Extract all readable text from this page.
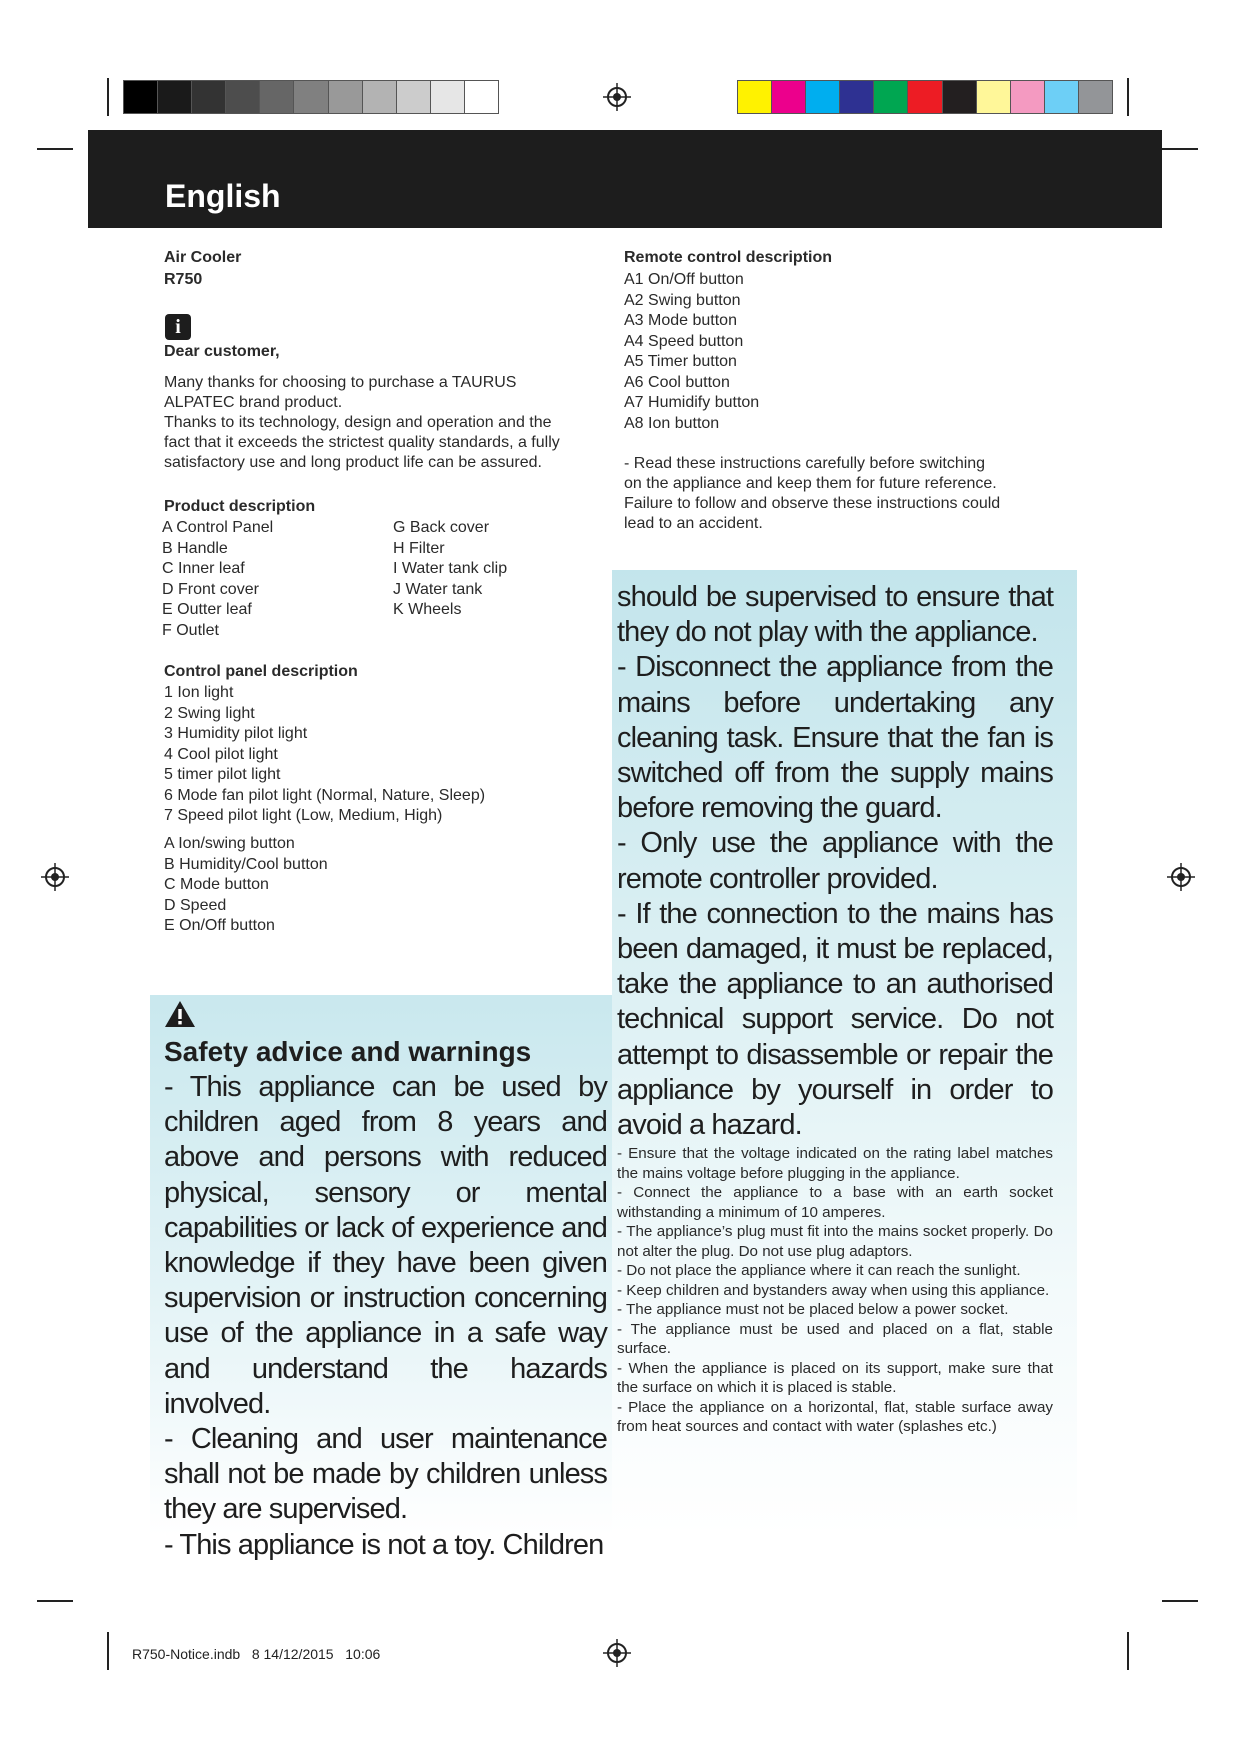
English
Air Cooler
R750
i
Dear customer,
Many thanks for choosing to purchase a TAURUS
ALPATEC brand product.
Thanks to its technology, design and operation and the
fact that it exceeds the strictest quality standards, a fully
satisfactory use and long product life can be assured.
Product description
A Control Panel
B Handle
C Inner leaf
D Front cover
E Outter leaf
F Outlet
G Back cover
H Filter
I Water tank clip
J Water tank
K Wheels
Control panel description
1 Ion light
2 Swing light
3 Humidity pilot light
4 Cool pilot light
5 timer pilot light
6 Mode fan pilot light (Normal, Nature, Sleep)
7 Speed pilot light (Low, Medium, High)
A Ion/swing button
B Humidity/Cool button
C Mode button
D Speed
E On/Off button
Remote control description
A1 On/Off button
A2 Swing button
A3 Mode button
A4 Speed button
A5 Timer button
A6 Cool button
A7 Humidify button
A8 Ion button
- Read these instructions carefully before switching
on the appliance and keep them for future reference.
Failure to follow and observe these instructions could
lead to an accident.
Safety advice and warnings

- This appliance can be used by children aged from 8 years and above and persons with reduced physical, sensory or mental capabilities or lack of experience and knowledge if they have been given supervision or instruction concerning use of the appliance in a safe way and understand the hazards involved.

- Cleaning and user maintenance shall not be made by children unless they are supervised.

- This appliance is not a toy. Children

should be supervised to ensure that they do not play with the appliance.

- Disconnect the appliance from the mains before undertaking any cleaning task. Ensure that the fan is switched off from the supply mains before removing the guard.

- Only use the appliance with the remote controller provided.

- If the connection to the mains has been damaged, it must be replaced, take the appliance to an authorised technical support service. Do not attempt to disassemble or repair the appliance by yourself in order to avoid a hazard.

- Ensure that the voltage indicated on the rating label matches the mains voltage before plugging in the appliance.

- Connect the appliance to a base with an earth socket withstanding a minimum of 10 amperes.

- The appliance’s plug must fit into the mains socket properly. Do not alter the plug. Do not use plug adaptors.

- Do not place the appliance where it can reach the sunlight.

- Keep children and bystanders away when using this appliance.

- The appliance must not be placed below a power socket.

- The appliance must be used and placed on a flat, stable surface.

- When the appliance is placed on its support, make sure that the surface on which it is placed is stable.

- Place the appliance on a horizontal, flat, stable surface away from heat sources and contact with water (splashes etc.)

R750-Notice.indb   8 14/12/2015   10:06
